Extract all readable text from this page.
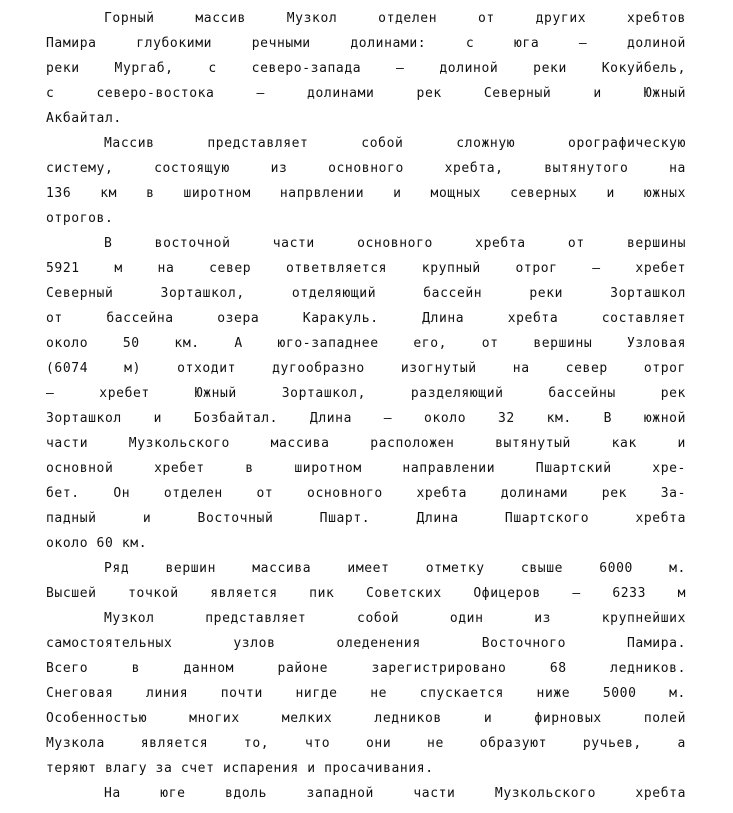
Горный массив Музкол отделен от других хребтов
Памира глубокими речными долинами: с юга – долиной
реки Мургаб, с северо-запада – долиной реки Кокуйбель,
с северо-востока – долинами рек Северный и Южный
Акбайтал.
Массив представляет собой сложную орографическую
систему, состоящую из основного хребта, вытянутого на
136 км в широтном напрвлении и мощных северных и южных
отрогов.
В восточной части основного хребта от вершины
5921 м на север ответвляется крупный отрог – хребет
Северный Зорташкол, отделяющий бассейн реки Зорташкол
от бассейна озера Каракуль. Длина хребта составляет
около 50 км. А юго-западнее его, от вершины Узловая
(6074 м) отходит дугообразно изогнутый на север отрог
– хребет Южный Зорташкол, разделяющий бассейны рек
Зорташкол и Бозбайтал. Длина – около 32 км. В южной
части Музкольского массива расположен вытянутый как и
основной хребет в широтном направлении Пшартский хре-
бет. Он отделен от основного хребта долинами рек За-
падный и Восточный Пшарт. Длина Пшартского хребта
около 60 км.
Ряд вершин массива имеет отметку свыше 6000 м.
Высшей точкой является пик Советских Офицеров – 6233 м
Музкол представляет собой один из крупнейших
самостоятельных узлов оледенения Восточного Памира.
Всего в данном районе зарегистрировано 68 ледников.
Снеговая линия почти нигде не спускается ниже 5000 м.
Особенностью многих мелких ледников и фирновых полей
Музкола является то, что они не образуют ручьев, а
теряют влагу за счет испарения и просачивания.
На юге вдоль западной части Музкольского хребта
